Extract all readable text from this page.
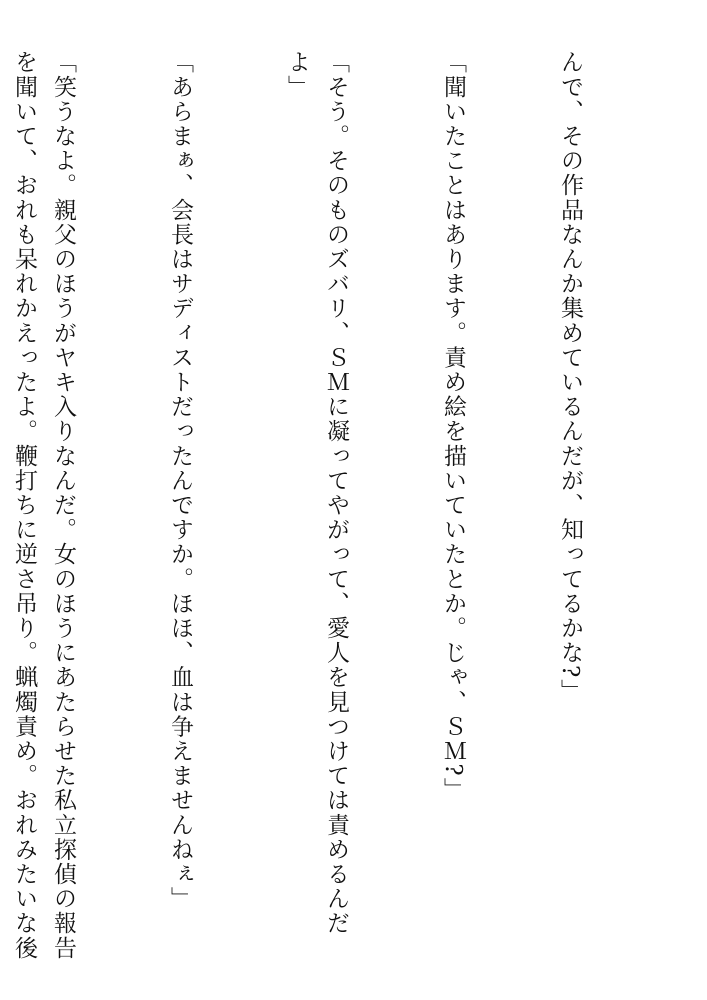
んで、その作品なんか集めているんだが、知ってるかな?」

「聞いたことはあります。責め絵を描いていたとか。じゃ、ＳＭ?」

「そう。そのものズバリ、ＳＭに凝ってやがって、愛人を見つけては責めるんだよ」

「あらまぁ、会長はサディストだったんですか。ほほ、血は争えませんねぇ」

「笑うなよ。親父のほうがヤキ入りなんだ。女のほうにあたらせた私立探偵の報告を聞いて、おれも呆れかえったよ。鞭打ちに逆さ吊り。蝋燭責め。おれみたいな後
